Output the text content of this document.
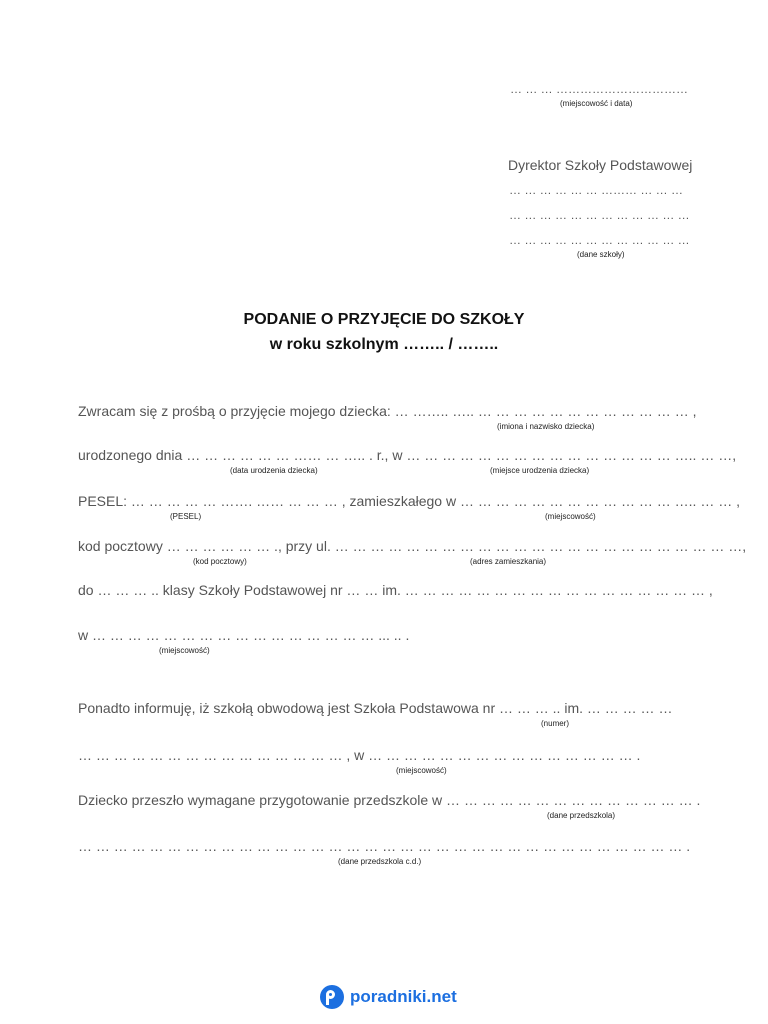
… … … ……………………………
(miejscowość i data)
Dyrektor Szkoły Podstawowej
… … … … … … ……… … … …
… … … … … … … … … … … …
… … … … … … … … … … … …
(dane szkoły)
PODANIE O PRZYJĘCIE DO SZKOŁY
w roku szkolnym …….. / ……..
Zwracam się z prośbą o przyjęcie mojego dziecka: … …….. ….. … … … … … … … … … … … … ,
(imiona i nazwisko dziecka)
urodzonego dnia … … … … … … …… … ….. . r., w … … … … … … … … … … … … … … … ….. … …,
(data urodzenia dziecka)	(miejsce urodzenia dziecka)
PESEL: … … … … … ……. …… … … … , zamieszkałego w … … … … … … … … … … … … ….. … … ,
(PESEL)	(miejscowość)
kod pocztowy … … … … … … ., przy ul. … … … … … … … … … … … … … … … … … … … … … … …,
(kod pocztowy)	(adres zamieszkania)
do … … … .. klasy Szkoły Podstawowej nr … … im. … … … … … … … … … … … … … … … … … ,
w … … … … … … … … … … … … … … … … ... .. .
(miejscowość)
Ponadto informuję, iż szkołą obwodową jest Szkoła Podstawowa nr … … … .. im. … … … … …
(numer)
… … … … … … … … … … … … … … … , w … … … … … … … … … … … … … … … .
(miejscowość)
Dziecko przeszło wymagane przygotowanie przedszkole w … … … … … … … … … … … … … … .
(dane przedszkola)
… … … … … … … … … … … … … … … … … … … … … … … … … … … … … … … … … … .
(dane przedszkola c.d.)
poradniki.net
